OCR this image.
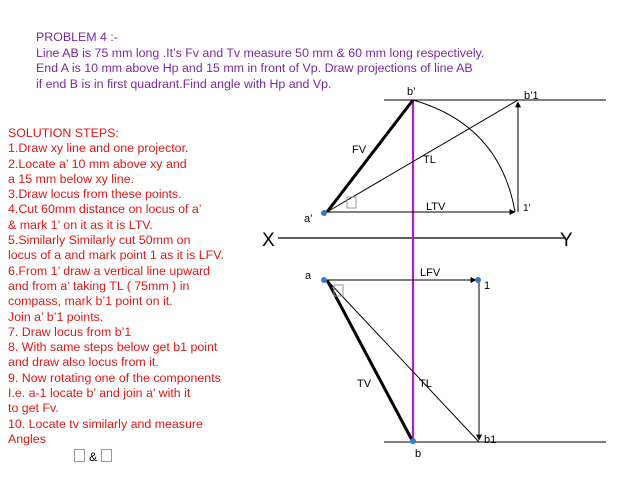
PROBLEM 4 :-
Line AB is 75 mm long .It’s Fv and Tv measure 50 mm & 60 mm long respectively.
End A is 10 mm above Hp and 15 mm in front of Vp. Draw projections of line AB
if end B is in first quadrant.Find angle with Hp and Vp.
SOLUTION STEPS:
1.Draw xy line and one projector.
2.Locate a’ 10 mm above xy and
a 15 mm below xy line.
3.Draw locus from these points.
4.Cut 60mm distance on locus of a’
& mark 1’ on it as it is LTV.
5.Similarly Similarly cut 50mm on
locus of a and mark point 1 as it is LFV.
6.From 1’ draw a vertical line upward
and from a’ taking TL ( 75mm ) in
compass, mark b’1 point on it.
Join a’ b’1 points.
7. Draw locus from b’1
8. With same steps below get b1 point
and draw also locus from it.
9. Now rotating one of the components
I.e. a-1 locate b’ and join a’ with it
to get Fv.
10. Locate tv similarly and measure
Angles
&
X	Y
b’	b’1
FV
TL
LTV	1’
a’
a	LFV
1
TV	TL
b1
b
